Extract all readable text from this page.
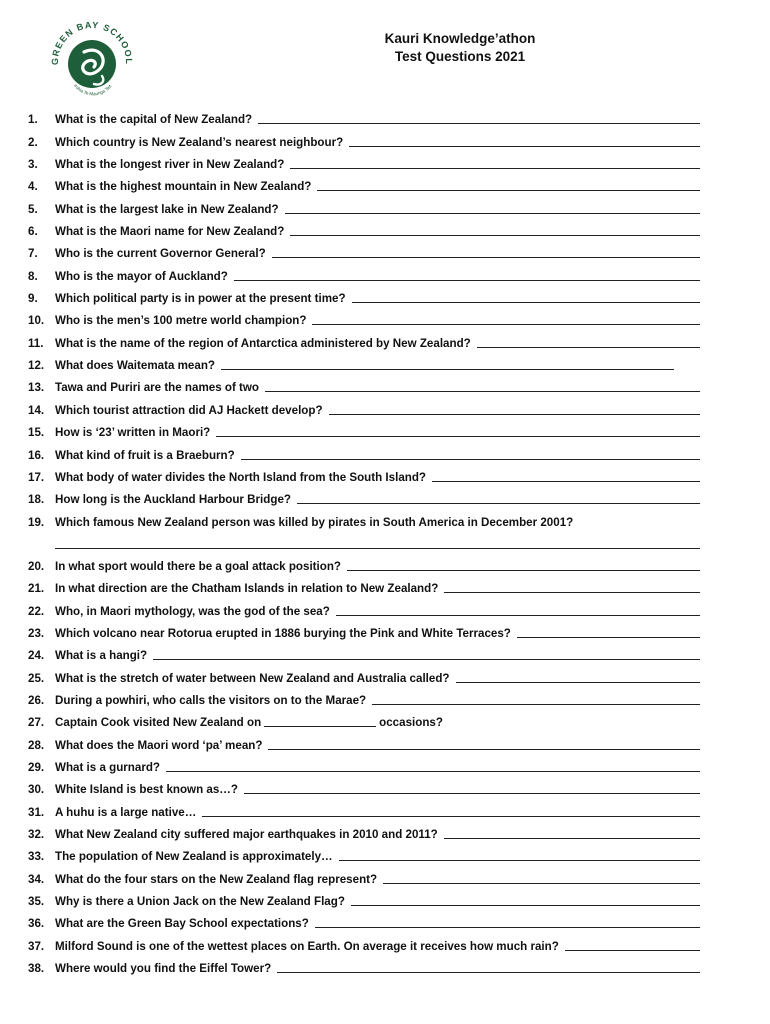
GREEN BAY SCHOOL
irohia Te Maunga Teit
Kauri Knowledge’athon
Test Questions 2021
1.	What is the capital of New Zealand?
2.	Which country is New Zealand’s nearest neighbour?
3.	What is the longest river in New Zealand?
4.	What is the highest mountain in New Zealand?
5.	What is the largest lake in New Zealand?
6.	What is the Maori name for New Zealand?
7.	Who is the current Governor General?
8.	Who is the mayor of Auckland?
9.	Which political party is in power at the present time?
10. Who is the men’s 100 metre world champion?
11. What is the name of the region of Antarctica administered by New Zealand?
12. What does Waitemata mean?
13. Tawa and Puriri are the names of two
14. Which tourist attraction did AJ Hackett develop?
15. How is ‘23’ written in Maori?
16. What kind of fruit is a Braeburn?
17. What body of water divides the North Island from the South Island?
18. How long is the Auckland Harbour Bridge?
19. Which famous New Zealand person was killed by pirates in South America in December 2001?
20. In what sport would there be a goal attack position?
21. In what direction are the Chatham Islands in relation to New Zealand?
22. Who, in Maori mythology, was the god of the sea?
23. Which volcano near Rotorua erupted in 1886 burying the Pink and White Terraces?
24. What is a hangi?
25. What is the stretch of water between New Zealand and Australia called?
26. During a powhiri, who calls the visitors on to the Marae?
27. Captain Cook visited New Zealand on	occasions?
28. What does the Maori word ‘pa’ mean?
29. What is a gurnard?
30. White Island is best known as…?
31. A huhu is a large native…
32. What New Zealand city suffered major earthquakes in 2010 and 2011?
33. The population of New Zealand is approximately…
34. What do the four stars on the New Zealand flag represent?
35. Why is there a Union Jack on the New Zealand Flag?
36. What are the Green Bay School expectations?
37. Milford Sound is one of the wettest places on Earth. On average it receives how much rain?
38. Where would you find the Eiffel Tower?
